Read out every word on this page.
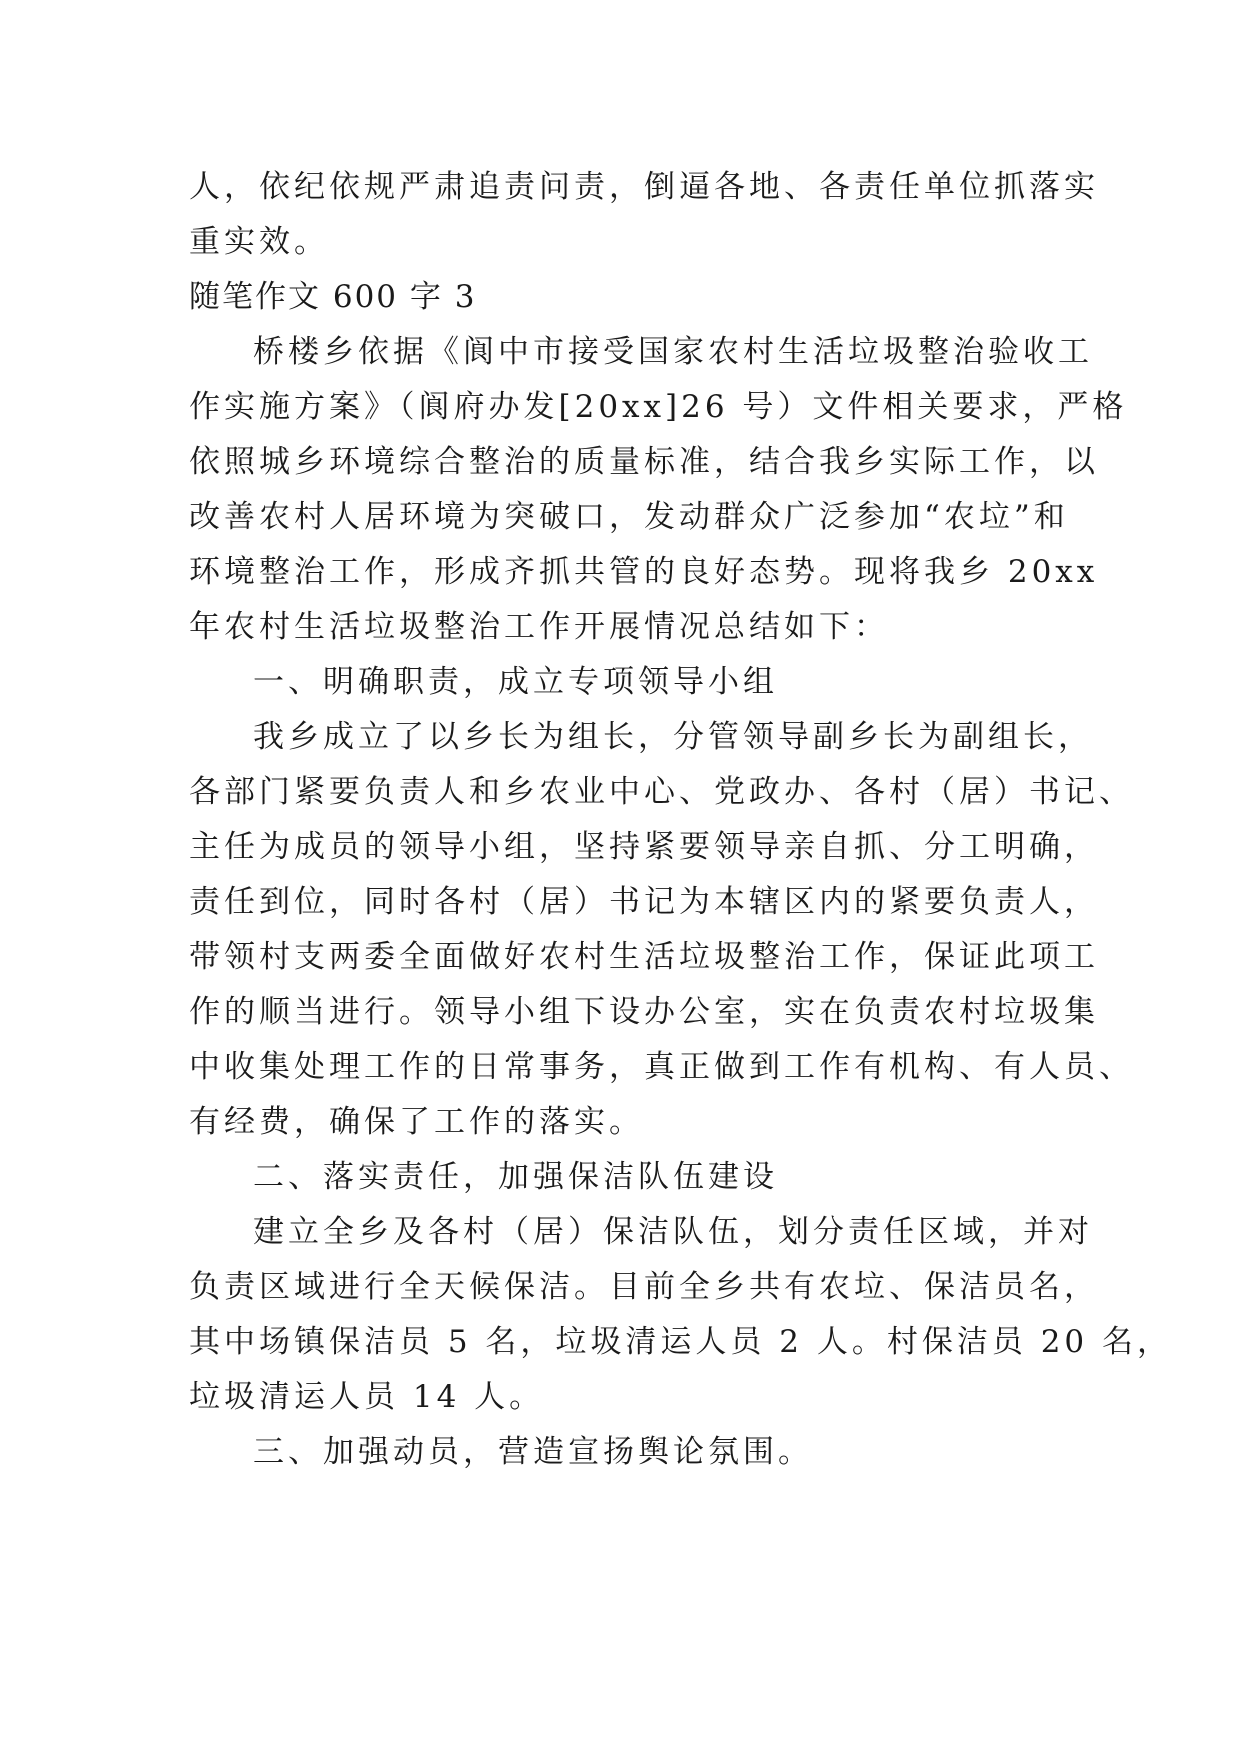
人，依纪依规严肃追责问责，倒逼各地、各责任单位抓落实
重实效。
随笔作文 600 字 3
桥楼乡依据《阆中市接受国家农村生活垃圾整治验收工
作实施方案》（阆府办发[20xx]26 号）文件相关要求，严格
依照城乡环境综合整治的质量标准，结合我乡实际工作，以
改善农村人居环境为突破口，发动群众广泛参加“农垃”和
环境整治工作，形成齐抓共管的良好态势。现将我乡 20xx
年农村生活垃圾整治工作开展情况总结如下：
一、明确职责，成立专项领导小组
我乡成立了以乡长为组长，分管领导副乡长为副组长，
各部门紧要负责人和乡农业中心、党政办、各村（居）书记、
主任为成员的领导小组，坚持紧要领导亲自抓、分工明确，
责任到位，同时各村（居）书记为本辖区内的紧要负责人，
带领村支两委全面做好农村生活垃圾整治工作，保证此项工
作的顺当进行。领导小组下设办公室，实在负责农村垃圾集
中收集处理工作的日常事务，真正做到工作有机构、有人员、
有经费，确保了工作的落实。
二、落实责任，加强保洁队伍建设
建立全乡及各村（居）保洁队伍，划分责任区域，并对
负责区域进行全天候保洁。目前全乡共有农垃、保洁员名，
其中场镇保洁员 5 名，垃圾清运人员 2 人。村保洁员 20 名，
垃圾清运人员 14 人。
三、加强动员，营造宣扬舆论氛围。
